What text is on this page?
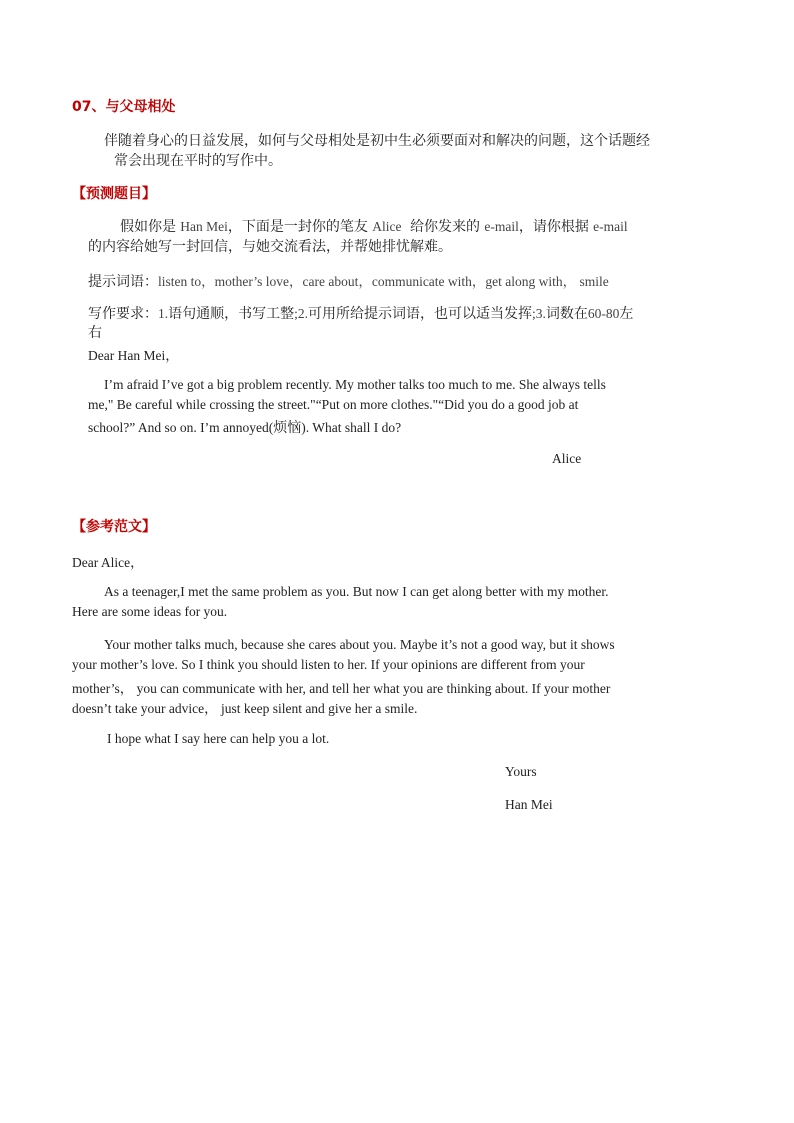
07、与父母相处
伴随着身心的日益发展，如何与父母相处是初中生必须要面对和解决的问题，这个话题经
常会出现在平时的写作中。
【预测题目】
假如你是 Han Mei，下面是一封你的笔友 Alice 给你发来的 e-mail，请你根据 e-mail
的内容给她写一封回信，与她交流看法，并帮她排忧解难。
提示词语：listen to，mother’s love，care about，communicate with，get along with， smile
写作要求：1.语句通顺，书写工整;2.可用所给提示词语，也可以适当发挥;3.词数在60-80左
右
Dear Han Mei，
I’m afraid I’ve got a big problem recently. My mother talks too much to me. She always tells
me," Be careful while crossing the street."“Put on more clothes."“Did you do a good job at
school?” And so on. I’m annoyed(烦恼). What shall I do?
Alice
【参考范文】
Dear Alice，
As a teenager,I met the same problem as you. But now I can get along better with my mother.
Here are some ideas for you.
Your mother talks much, because she cares about you. Maybe it’s not a good way, but it shows
your mother’s love. So I think you should listen to her. If your opinions are different from your
mother’s， you can communicate with her, and tell her what you are thinking about. If your mother
doesn’t take your advice， just keep silent and give her a smile.
I hope what I say here can help you a lot.
Yours
Han Mei
